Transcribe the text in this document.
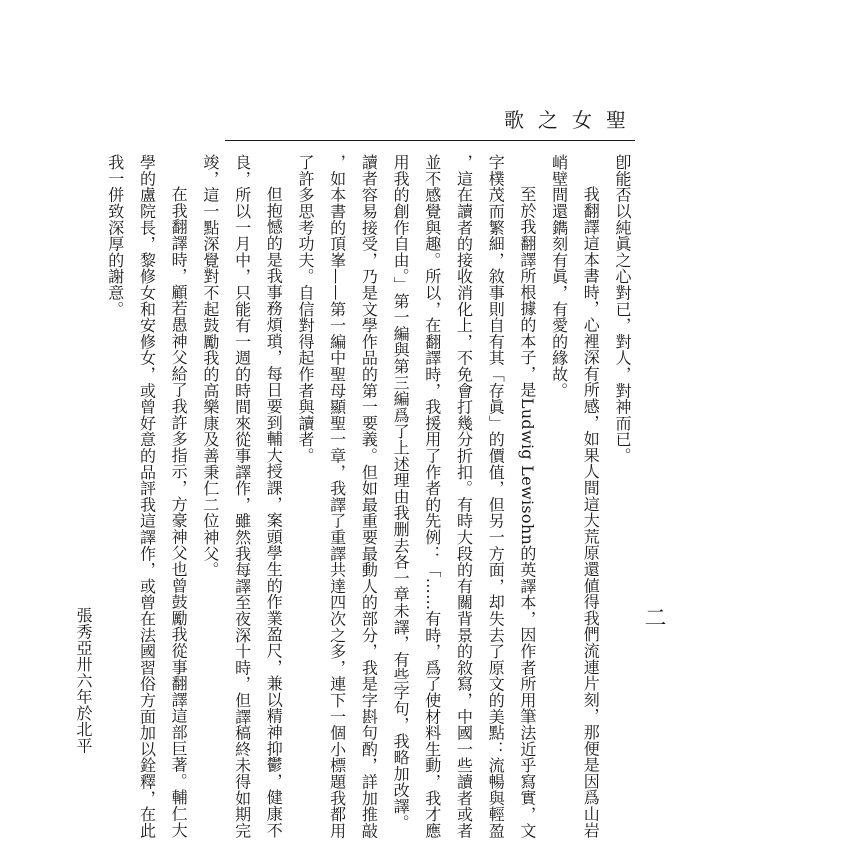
聖女之歌
二

卽能否以純眞之心對已，對人，對神而已。

我翻譯這本書時，心裡深有所感，如果人間這大荒原還値得我們流連片刻，那便是因爲山岩

峭壁間還鐫刻有眞，有愛的緣故。

至於我翻譯所根據的本子，是Ludwig Lewisohn的英譯本，因作者所用筆法近乎寫實，文

字樸茂而繁細，敘事則自有其「存眞」的價值，但另一方面，却失去了原文的美點：流暢與輕盈

，這在讀者的接收消化上，不免會打幾分折扣。有時大段的有關背景的敘寫，中國一些讀者或者

並不感覺與趣。所以，在翻譯時，我援用了作者的先例：「……有時，爲了使材料生動，我才應

用我的創作自由。」第一編與第三編爲了上述理由我删去各一章未譯，有些字句，我略加改譯。

讀者容易接受，乃是文學作品的第一要義。但如最重要最動人的部分，我是字斟句酌，詳加推敲

，如本書的頂峯——第一編中聖母顯聖一章，我譯了重譯共達四次之多，連下一個小標題我都用

了許多思考功夫。自信對得起作者與讀者。

但抱憾的是我事務煩瑣，每日要到輔大授課，案頭學生的作業盈尺，兼以精神抑鬱，健康不

良，所以一月中，只能有一週的時間來從事譯作，雖然我每譯至夜深十時，但譯稿終未得如期完

竣，這一點深覺對不起鼓勵我的高樂康及善秉仁二位神父。

在我翻譯時，顧若愚神父給了我許多指示，方豪神父也曾鼓勵我從事翻譯這部巨著。輔仁大

學的盧院長，黎修女和安修女，或曾好意的品評我這譯作，或曾在法國習俗方面加以銓釋，在此

我一併致深厚的謝意。

張秀亞卅六年於北平
